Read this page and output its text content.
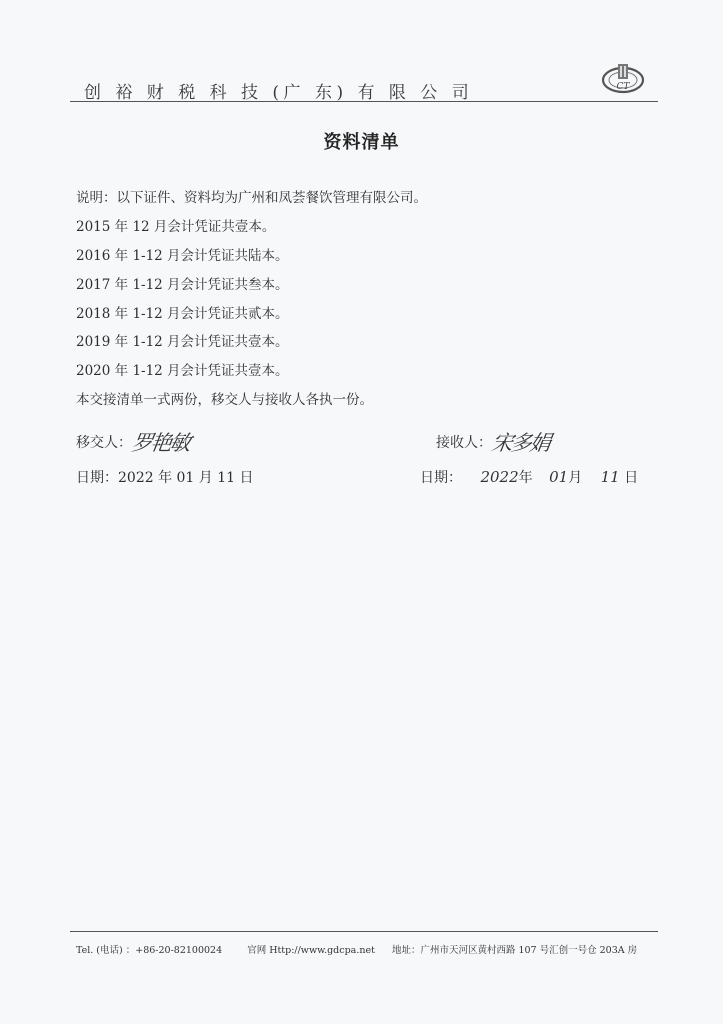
创 裕 财 税 科 技 (广 东) 有 限 公 司	CT
资料清单
说明：以下证件、资料均为广州和凤荟餐饮管理有限公司。
2015 年 12 月会计凭证共壹本。
2016 年 1-12 月会计凭证共陆本。
2017 年 1-12 月会计凭证共叁本。
2018 年 1-12 月会计凭证共贰本。
2019 年 1-12 月会计凭证共壹本。
2020 年 1-12 月会计凭证共壹本。
本交接清单一式两份，移交人与接收人各执一份。
移交人：罗艳敏
日期：2022 年 01 月 11 日
接收人：宋多娟
日期： 2022年 01月 11 日
Tel. (电话) ：+86-20-82100024	官网 Http://www.gdcpa.net 地址：广州市天河区黄村西路 107 号汇创一号仓 203A 房
